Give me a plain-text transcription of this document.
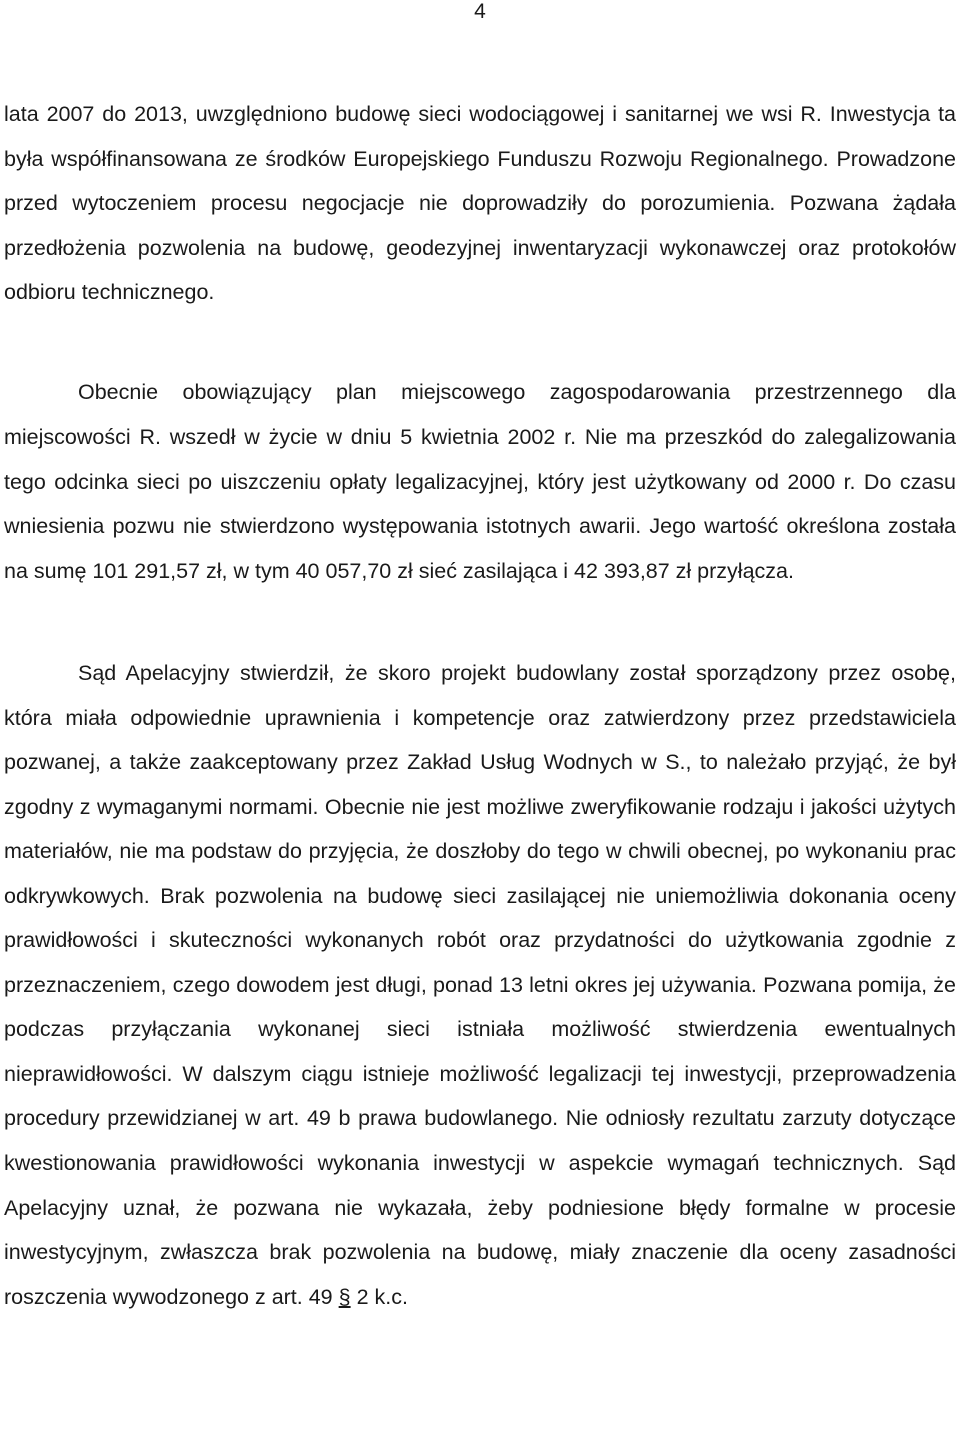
4

lata 2007 do 2013, uwzględniono budowę sieci wodociągowej i sanitarnej we wsi R. Inwestycja ta była współfinansowana ze środków Europejskiego Funduszu Rozwoju Regionalnego. Prowadzone przed wytoczeniem procesu negocjacje nie doprowadziły do porozumienia. Pozwana żądała przedłożenia pozwolenia na budowę, geodezyjnej inwentaryzacji wykonawczej oraz protokołów odbioru technicznego.

Obecnie obowiązujący plan miejscowego zagospodarowania przestrzennego dla miejscowości R. wszedł w życie w dniu 5 kwietnia 2002 r. Nie ma przeszkód do zalegalizowania tego odcinka sieci po uiszczeniu opłaty legalizacyjnej, który jest użytkowany od 2000 r. Do czasu wniesienia pozwu nie stwierdzono występowania istotnych awarii. Jego wartość określona została na sumę 101 291,57 zł, w tym 40 057,70 zł sieć zasilająca i 42 393,87 zł przyłącza.

Sąd Apelacyjny stwierdził, że skoro projekt budowlany został sporządzony przez osobę, która miała odpowiednie uprawnienia i kompetencje oraz zatwierdzony przez przedstawiciela pozwanej, a także zaakceptowany przez Zakład Usług Wodnych w S., to należało przyjąć, że był zgodny z wymaganymi normami. Obecnie nie jest możliwe zweryfikowanie rodzaju i jakości użytych materiałów, nie ma podstaw do przyjęcia, że doszłoby do tego w chwili obecnej, po wykonaniu prac odkrywkowych. Brak pozwolenia na budowę sieci zasilającej nie uniemożliwia dokonania oceny prawidłowości i skuteczności wykonanych robót oraz przydatności do użytkowania zgodnie z przeznaczeniem, czego dowodem jest długi, ponad 13 letni okres jej używania. Pozwana pomija, że podczas przyłączania wykonanej sieci istniała możliwość stwierdzenia ewentualnych nieprawidłowości. W dalszym ciągu istnieje możliwość legalizacji tej inwestycji, przeprowadzenia procedury przewidzianej w art. 49 b prawa budowlanego. Nie odniosły rezultatu zarzuty dotyczące kwestionowania prawidłowości wykonania inwestycji w aspekcie wymagań technicznych. Sąd Apelacyjny uznał, że pozwana nie wykazała, żeby podniesione błędy formalne w procesie inwestycyjnym, zwłaszcza brak pozwolenia na budowę, miały znaczenie dla oceny zasadności roszczenia wywodzonego z art. 49 § 2 k.c.
